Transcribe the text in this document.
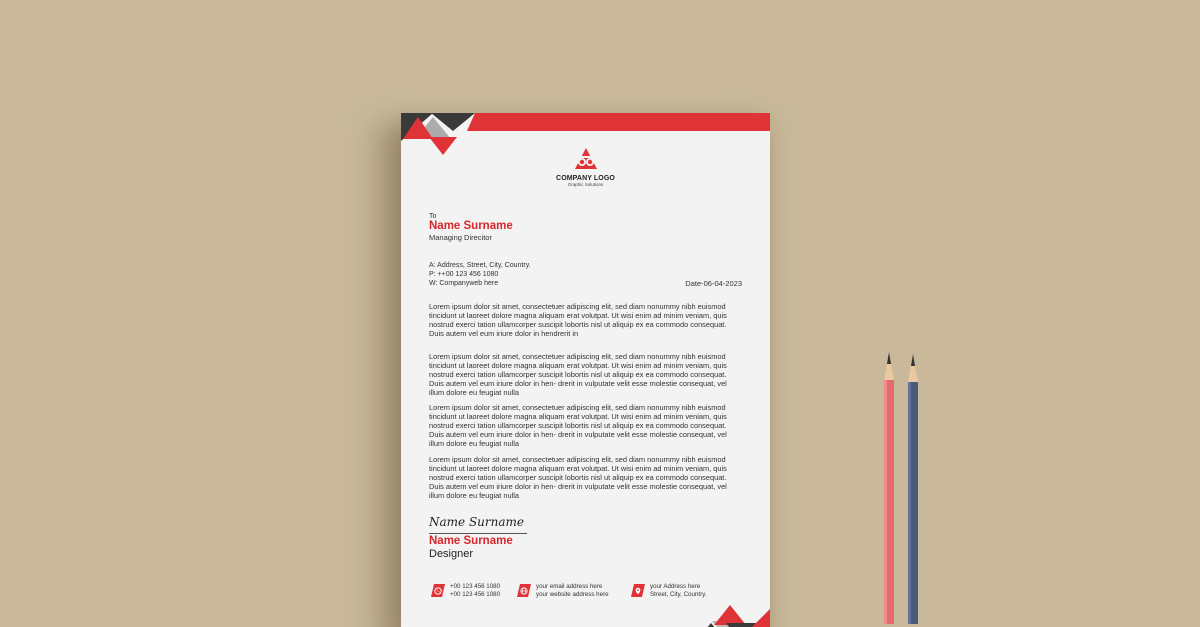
COMPANY LOGO
Graphic Solutions
To
Name Surname
Managing Direcitor
A: Address, Street, City, Country.
P: ++00 123 456 1080
W: Companyweb here	Date-06-04-2023

Lorem ipsum dolor sit amet, consectetuer adipiscing elit, sed diam nonummy nibh euismod tincidunt ut laoreet dolore magna aliquam erat volutpat. Ut wisi enim ad minim veniam, quis nostrud exerci tation ullamcorper suscipit lobortis nisl ut aliquip ex ea commodo consequat. Duis autem vel eum iriure dolor in hendrerit in

Lorem ipsum dolor sit amet, consectetuer adipiscing elit, sed diam nonummy nibh euismod tincidunt ut laoreet dolore magna aliquam erat volutpat. Ut wisi enim ad minim veniam, quis nostrud exerci tation ullamcorper suscipit lobortis nisl ut aliquip ex ea commodo consequat. Duis autem vel eum iriure dolor in hen- drerit in vulputate velit esse molestie consequat, vel illum dolore eu feugiat nulla

Lorem ipsum dolor sit amet, consectetuer adipiscing elit, sed diam nonummy nibh euismod tincidunt ut laoreet dolore magna aliquam erat volutpat. Ut wisi enim ad minim veniam, quis nostrud exerci tation ullamcorper suscipit lobortis nisl ut aliquip ex ea commodo consequat. Duis autem vel eum iriure dolor in hen- drerit in vulputate velit esse molestie consequat, vel illum dolore eu feugiat nulla

Lorem ipsum dolor sit amet, consectetuer adipiscing elit, sed diam nonummy nibh euismod tincidunt ut laoreet dolore magna aliquam erat volutpat. Ut wisi enim ad minim veniam, quis nostrud exerci tation ullamcorper suscipit lobortis nisl ut aliquip ex ea commodo consequat. Duis autem vel eum iriure dolor in hen- drerit in vulputate velit esse molestie consequat, vel illum dolore eu feugiat nulla

Name Surname
Name Surname
Designer
+00 123 456 1080
+00 123 456 1080
your email address here
your website address here
your Address here
Street, City, Country.
